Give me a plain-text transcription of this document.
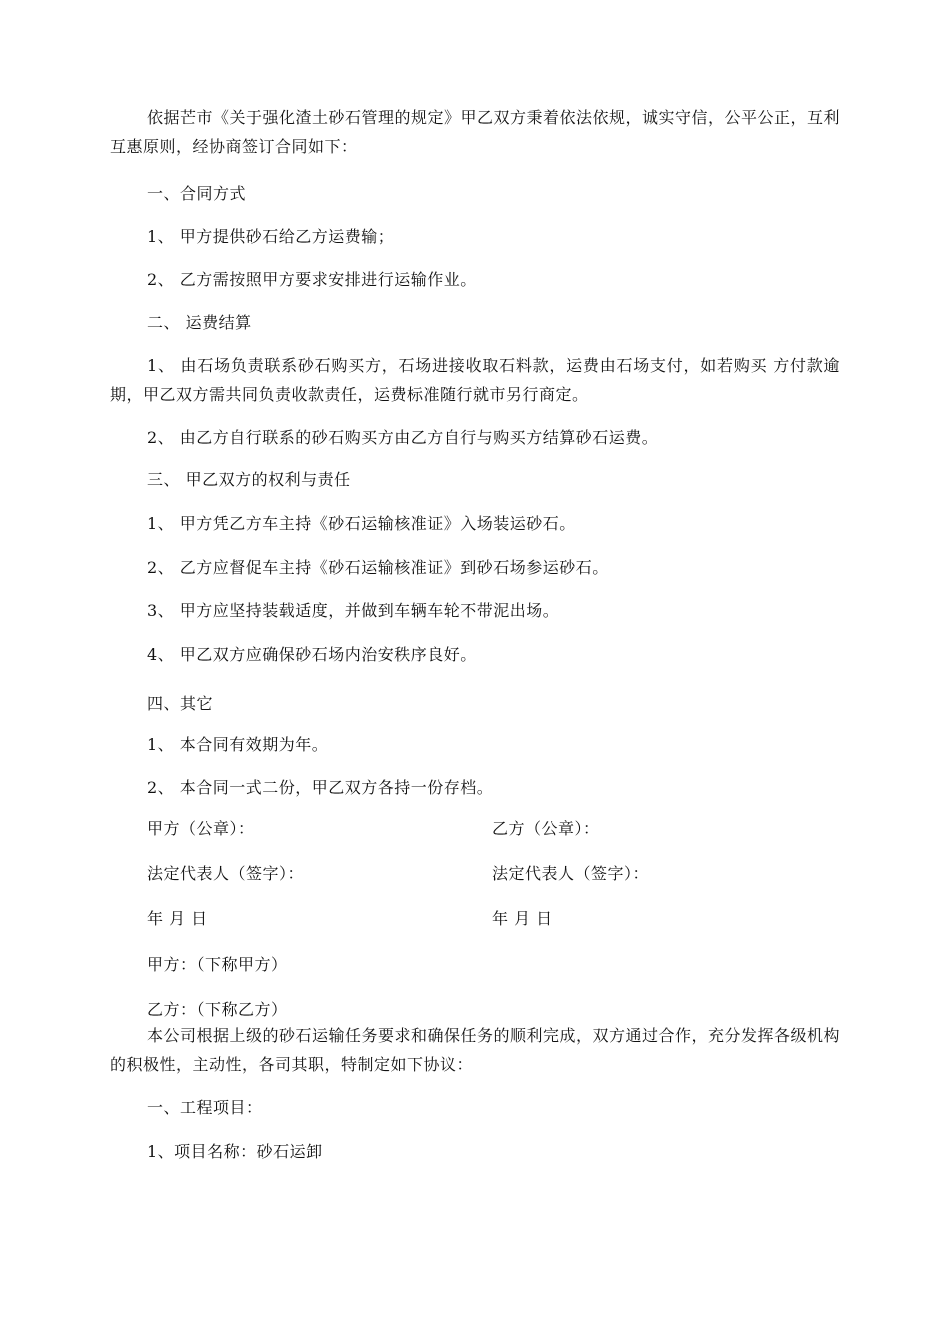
依据芒市《关于强化渣土砂石管理的规定》甲乙双方秉着依法依规，诚实守信，公平公正，互利互惠原则，经协商签订合同如下：

一、合同方式

1、 甲方提供砂石给乙方运费输；

2、 乙方需按照甲方要求安排进行运输作业。

二、 运费结算

1、 由石场负责联系砂石购买方，石场进接收取石料款，运费由石场支付，如若购买 方付款逾期，甲乙双方需共同负责收款责任，运费标准随行就市另行商定。

2、 由乙方自行联系的砂石购买方由乙方自行与购买方结算砂石运费。

三、 甲乙双方的权利与责任

1、 甲方凭乙方车主持《砂石运输核准证》入场装运砂石。

2、 乙方应督促车主持《砂石运输核准证》到砂石场参运砂石。

3、 甲方应坚持装载适度，并做到车辆车轮不带泥出场。

4、 甲乙双方应确保砂石场内治安秩序良好。

四、其它

1、 本合同有效期为年。

2、 本合同一式二份，甲乙双方各持一份存档。

甲方（公章）：	乙方（公章）：

法定代表人（签字）：	法定代表人（签字）：

年 月 日	年 月 日

甲方：（下称甲方）

乙方：（下称乙方）

本公司根据上级的砂石运输任务要求和确保任务的顺利完成，双方通过合作，充分发挥各级机构的积极性，主动性，各司其职，特制定如下协议：

一、工程项目：

1、项目名称：砂石运卸
